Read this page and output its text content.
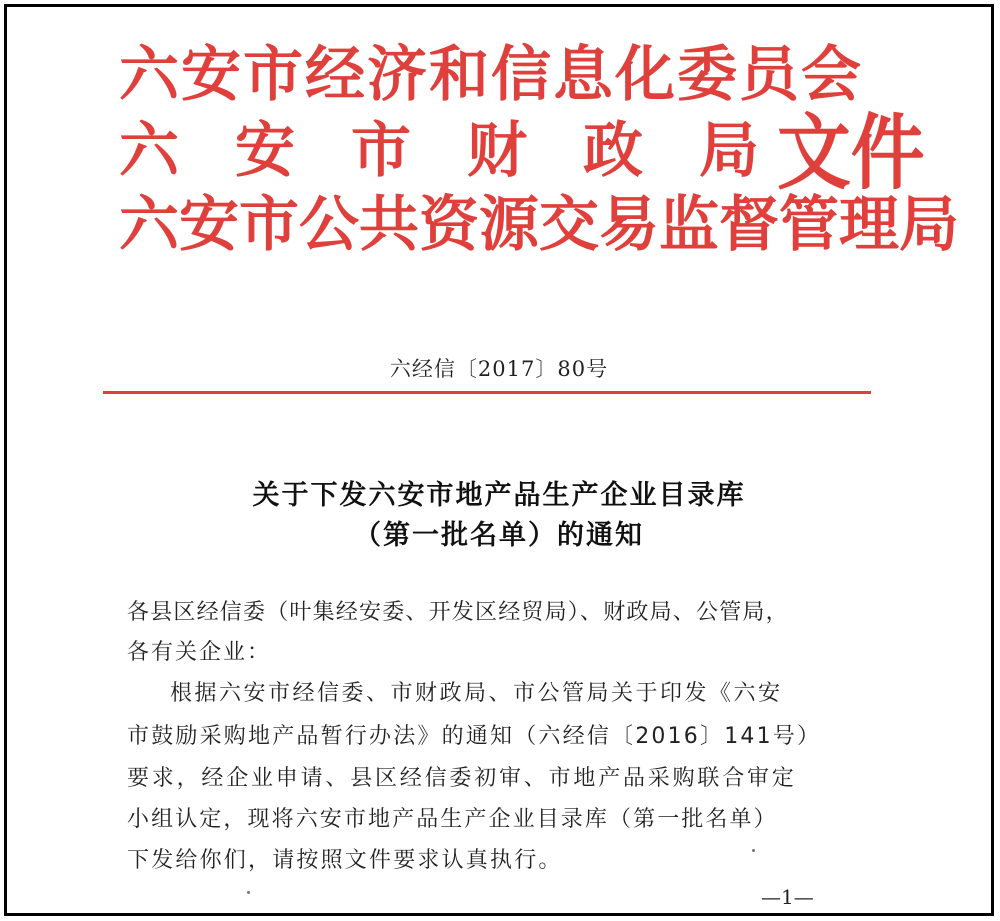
六安市经济和信息化委员会
六 安 市 财 政 局
六安市公共资源交易监督管理局
文件
六经信〔2017〕80号
关于下发六安市地产品生产企业目录库
（第一批名单）的通知
各县区经信委（叶集经安委、开发区经贸局）、财政局、公管局，
各有关企业：
根据六安市经信委、市财政局、市公管局关于印发《六安
市鼓励采购地产品暂行办法》的通知（六经信〔2016〕141号）
要求，经企业申请、县区经信委初审、市地产品采购联合审定
小组认定，现将六安市地产品生产企业目录库（第一批名单）
下发给你们，请按照文件要求认真执行。
—1—
